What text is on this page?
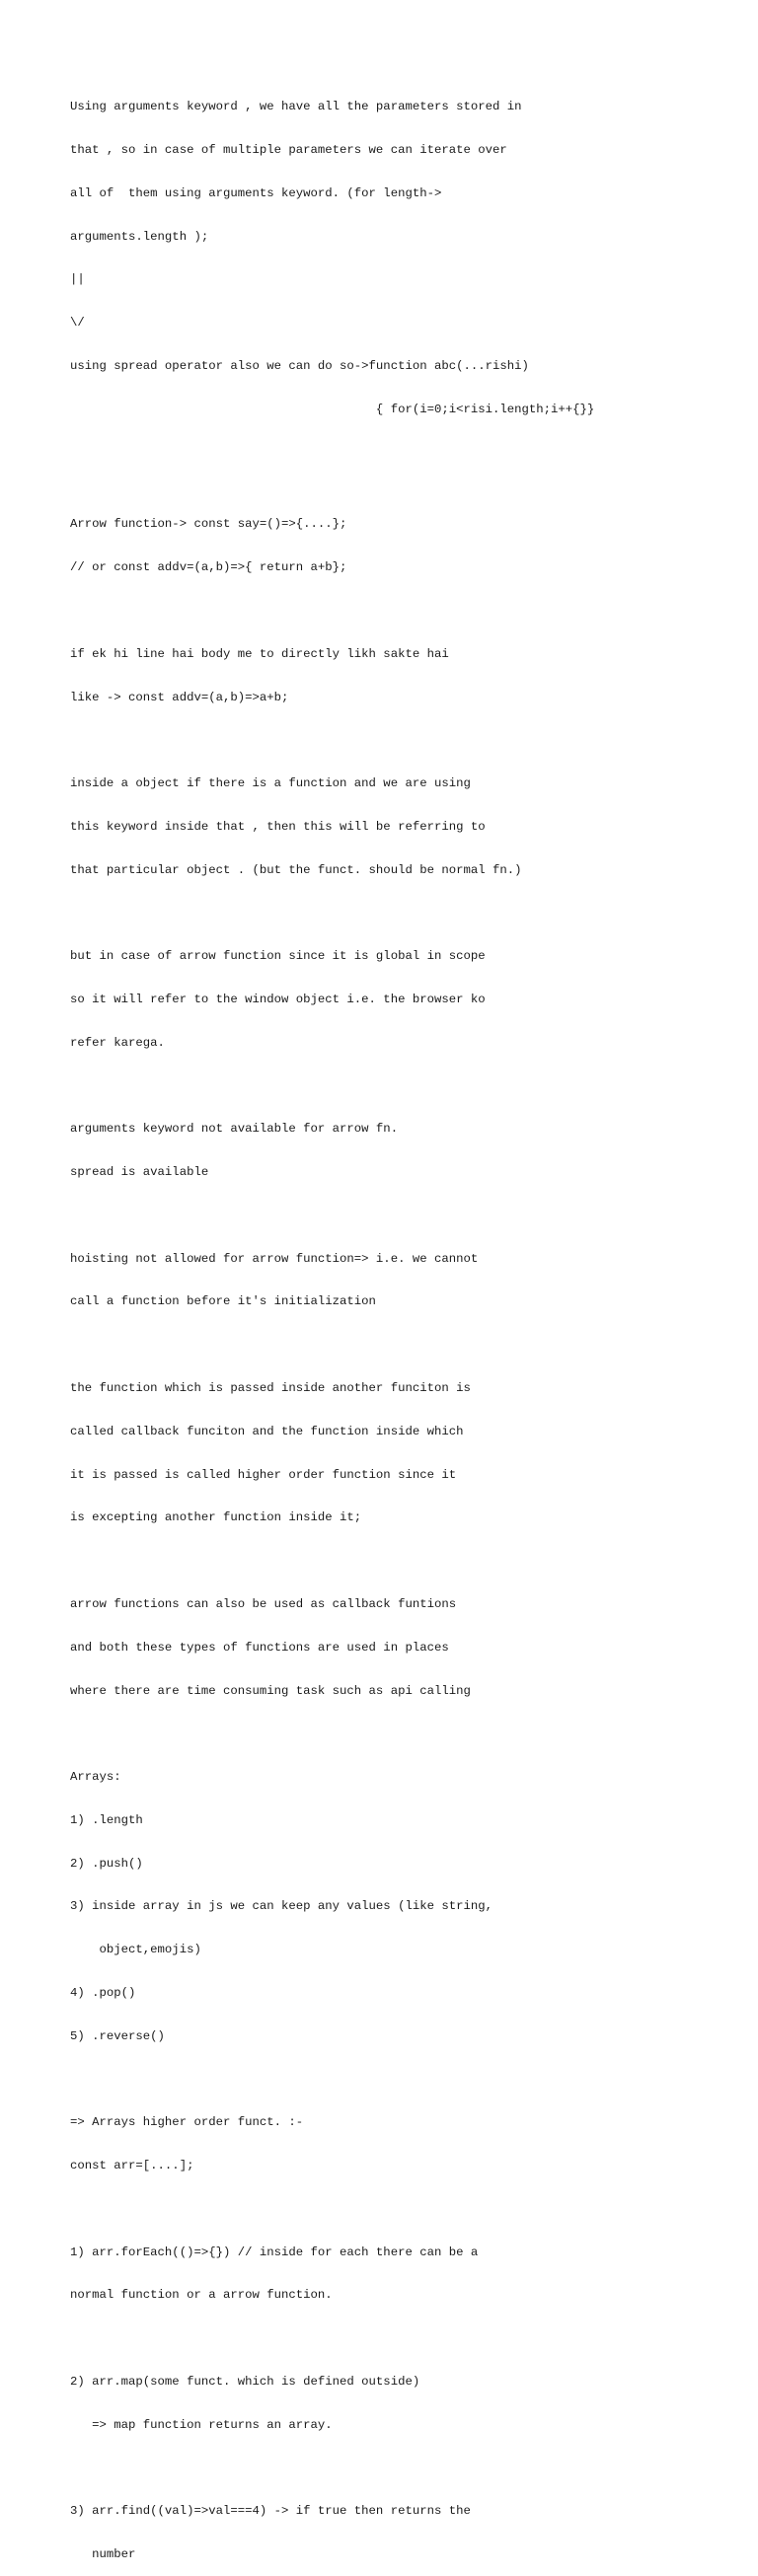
Using arguments keyword , we have all the parameters stored in

that , so in case of multiple parameters we can iterate over

all of  them using arguments keyword. (for length->

arguments.length );

||

\/

using spread operator also we can do so->function abc(...rishi)

{ for(i=0;i<risi.length;i++{}}

Arrow function-> const say=()=>{....};

// or const addv=(a,b)=>{ return a+b};

if ek hi line hai body me to directly likh sakte hai

like -> const addv=(a,b)=>a+b;

inside a object if there is a function and we are using

this keyword inside that , then this will be referring to

that particular object . (but the funct. should be normal fn.)

but in case of arrow function since it is global in scope

so it will refer to the window object i.e. the browser ko

refer karega.

arguments keyword not available for arrow fn.

spread is available

hoisting not allowed for arrow function=> i.e. we cannot

call a function before it's initialization

the function which is passed inside another funciton is

called callback funciton and the function inside which

it is passed is called higher order function since it

is excepting another function inside it;

arrow functions can also be used as callback funtions

and both these types of functions are used in places

where there are time consuming task such as api calling

Arrays:

1) .length

2) .push()

3) inside array in js we can keep any values (like string,

object,emojis)

4) .pop()

5) .reverse()

=> Arrays higher order funct. :-

const arr=[....];

1) arr.forEach(()=>{}) // inside for each there can be a

normal function or a arrow function.

2) arr.map(some funct. which is defined outside)

=> map function returns an array.

3) arr.find((val)=>val===4) -> if true then returns the

number
